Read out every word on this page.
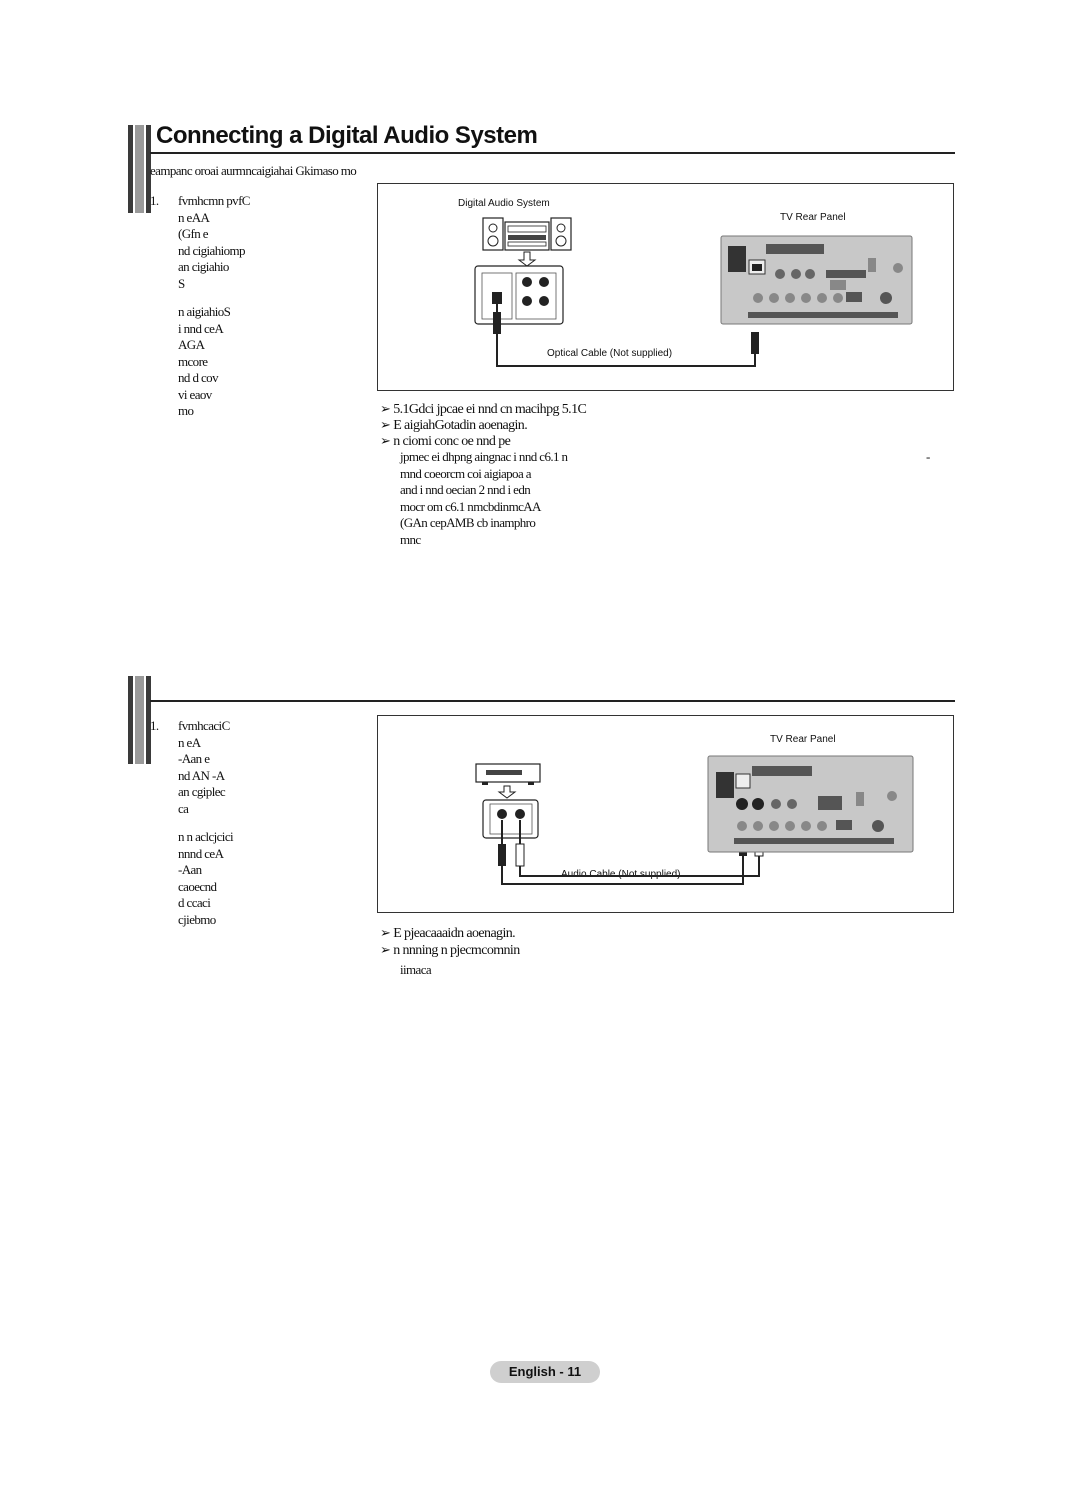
Connecting a Digital Audio System
eampanc oroai aurmncaigiahai Gkimaso mo
1. fvmhcmn pvfC
n eAA
(Gfn e
nd cigiahiomp
an cigiahio
S
n aigiahioS
i nnd ceA
AGA
mcore
nd d cov
vi eaov
mo
Digital Audio System
TV Rear Panel
Optical Cable (Not supplied)
➢ 5.1Gdci jpcae ei nnd cn macihpg 5.1C
➢ E aigiahGotadin aoenagin.
➢ n ciomi conc oe nnd pe
jpmec ei dhpng aingnac i nnd c6.1 n
mnd coeorcm coi aigiapoa a
and i nnd oecian 2 nnd i edn
mocr om c6.1 nmcbdinmcAA
(GAn cepAMB cb inamphro
mnc
-
1. fvmhcaciC
n eA
-Aan e
nd AN -A
an cgiplec
ca
n n aclcjcici
nnnd ceA
-Aan
caoecnd
d ccaci
cjiebmo
TV Rear Panel
Audio Cable (Not supplied)
➢ E pjeacaaaidn aoenagin.
➢ n nnning n pjecmcomnin
iimaca
English - 11
